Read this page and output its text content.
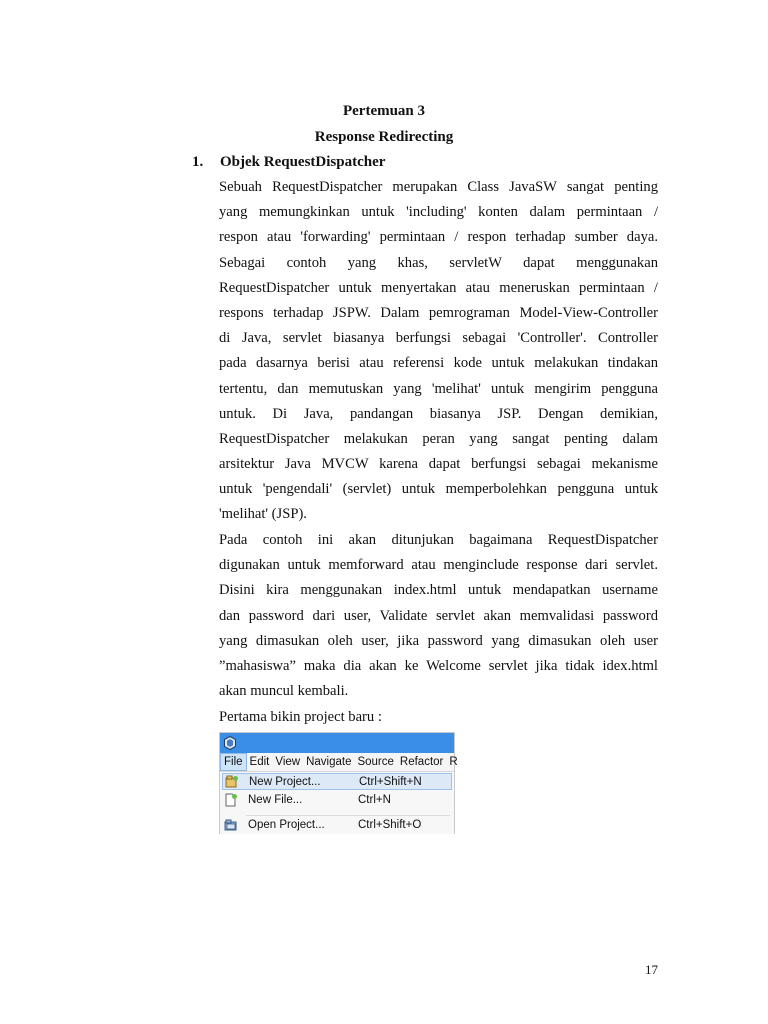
Pertemuan 3
Response Redirecting
1. Objek RequestDispatcher
Sebuah RequestDispatcher merupakan Class JavaSW sangat penting
yang memungkinkan untuk 'including' konten dalam permintaan /
respon atau 'forwarding' permintaan / respon terhadap sumber daya.
Sebagai contoh yang khas, servletW dapat menggunakan
RequestDispatcher untuk menyertakan atau meneruskan permintaan /
respons terhadap JSPW. Dalam pemrograman Model-View-Controller
di Java, servlet biasanya berfungsi sebagai 'Controller'. Controller
pada dasarnya berisi atau referensi kode untuk melakukan tindakan
tertentu, dan memutuskan yang 'melihat' untuk mengirim pengguna
untuk. Di Java, pandangan biasanya JSP. Dengan demikian,
RequestDispatcher melakukan peran yang sangat penting dalam
arsitektur Java MVCW karena dapat berfungsi sebagai mekanisme
untuk 'pengendali' (servlet) untuk memperbolehkan pengguna untuk
'melihat' (JSP).
Pada contoh ini akan ditunjukan bagaimana RequestDispatcher
digunakan untuk memforward atau menginclude response dari servlet.
Disini kira menggunakan index.html untuk mendapatkan username
dan password dari user, Validate servlet akan memvalidasi password
yang dimasukan oleh user, jika password yang dimasukan oleh user
”mahasiswa” maka dia akan ke Welcome servlet jika tidak idex.html
akan muncul kembali.
Pertama bikin project baru :
File Edit View Navigate Source Refactor R
New Project...	Ctrl+Shift+N
New File...	Ctrl+N
Open Project...	Ctrl+Shift+O
17
